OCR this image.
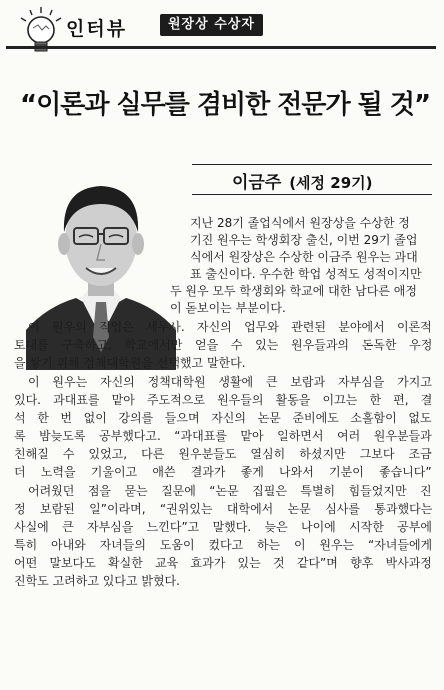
인터뷰	원장상 수상자
“이론과 실무를 겸비한 전문가 될 것”
이금주 (세정 29기)
지난 28기 졸업식에서 원장상을 수상한 정
기진 원우는 학생회장 출신, 이번 29기 졸업
식에서 원장상은 수상한 이금주 원우는 과대
표 출신이다. 우수한 학업 성적도 성적이지만
두 원우 모두 학생회와 학교에 대한 남다른 애정
이 돋보이는 부분이다.
이 원우의 직업은 세무사. 자신의 업무와 관련된 분야에서 이론적
토대를 구축하고, 학교에서만 얻을 수 있는 원우들과의 돈독한 우정
을 쌓기 위해 정책대학원을 선택했고 말한다.
이 원우는 자신의 정책대학원 생활에 큰 보람과 자부심을 가지고
있다. 과대표를 맡아 주도적으로 원우들의 활동을 이끄는 한 편, 결
석 한 번 없이 강의를 들으며 자신의 논문 준비에도 소홀함이 없도
록 밤늦도록 공부했다고. “과대표를 맡아 일하면서 여러 원우분들과
친해질 수 있었고, 다른 원우분들도 열심히 하셨지만 그보다 조금
더 노력을 기울이고 애쓴 결과가 좋게 나와서 기분이 좋습니다”
어려웠던 점을 묻는 질문에 “논문 집필은 특별히 힘들었지만 진
정 보람된 일”이라며, “권위있는 대학에서 논문 심사를 통과했다는
사실에 큰 자부심을 느낀다”고 말했다. 늦은 나이에 시작한 공부에
특히 아내와 자녀들의 도움이 컸다고 하는 이 원우는 “자녀들에게
어떤 말보다도 확실한 교육 효과가 있는 것 같다”며 향후 박사과정
진학도 고려하고 있다고 밝혔다.
